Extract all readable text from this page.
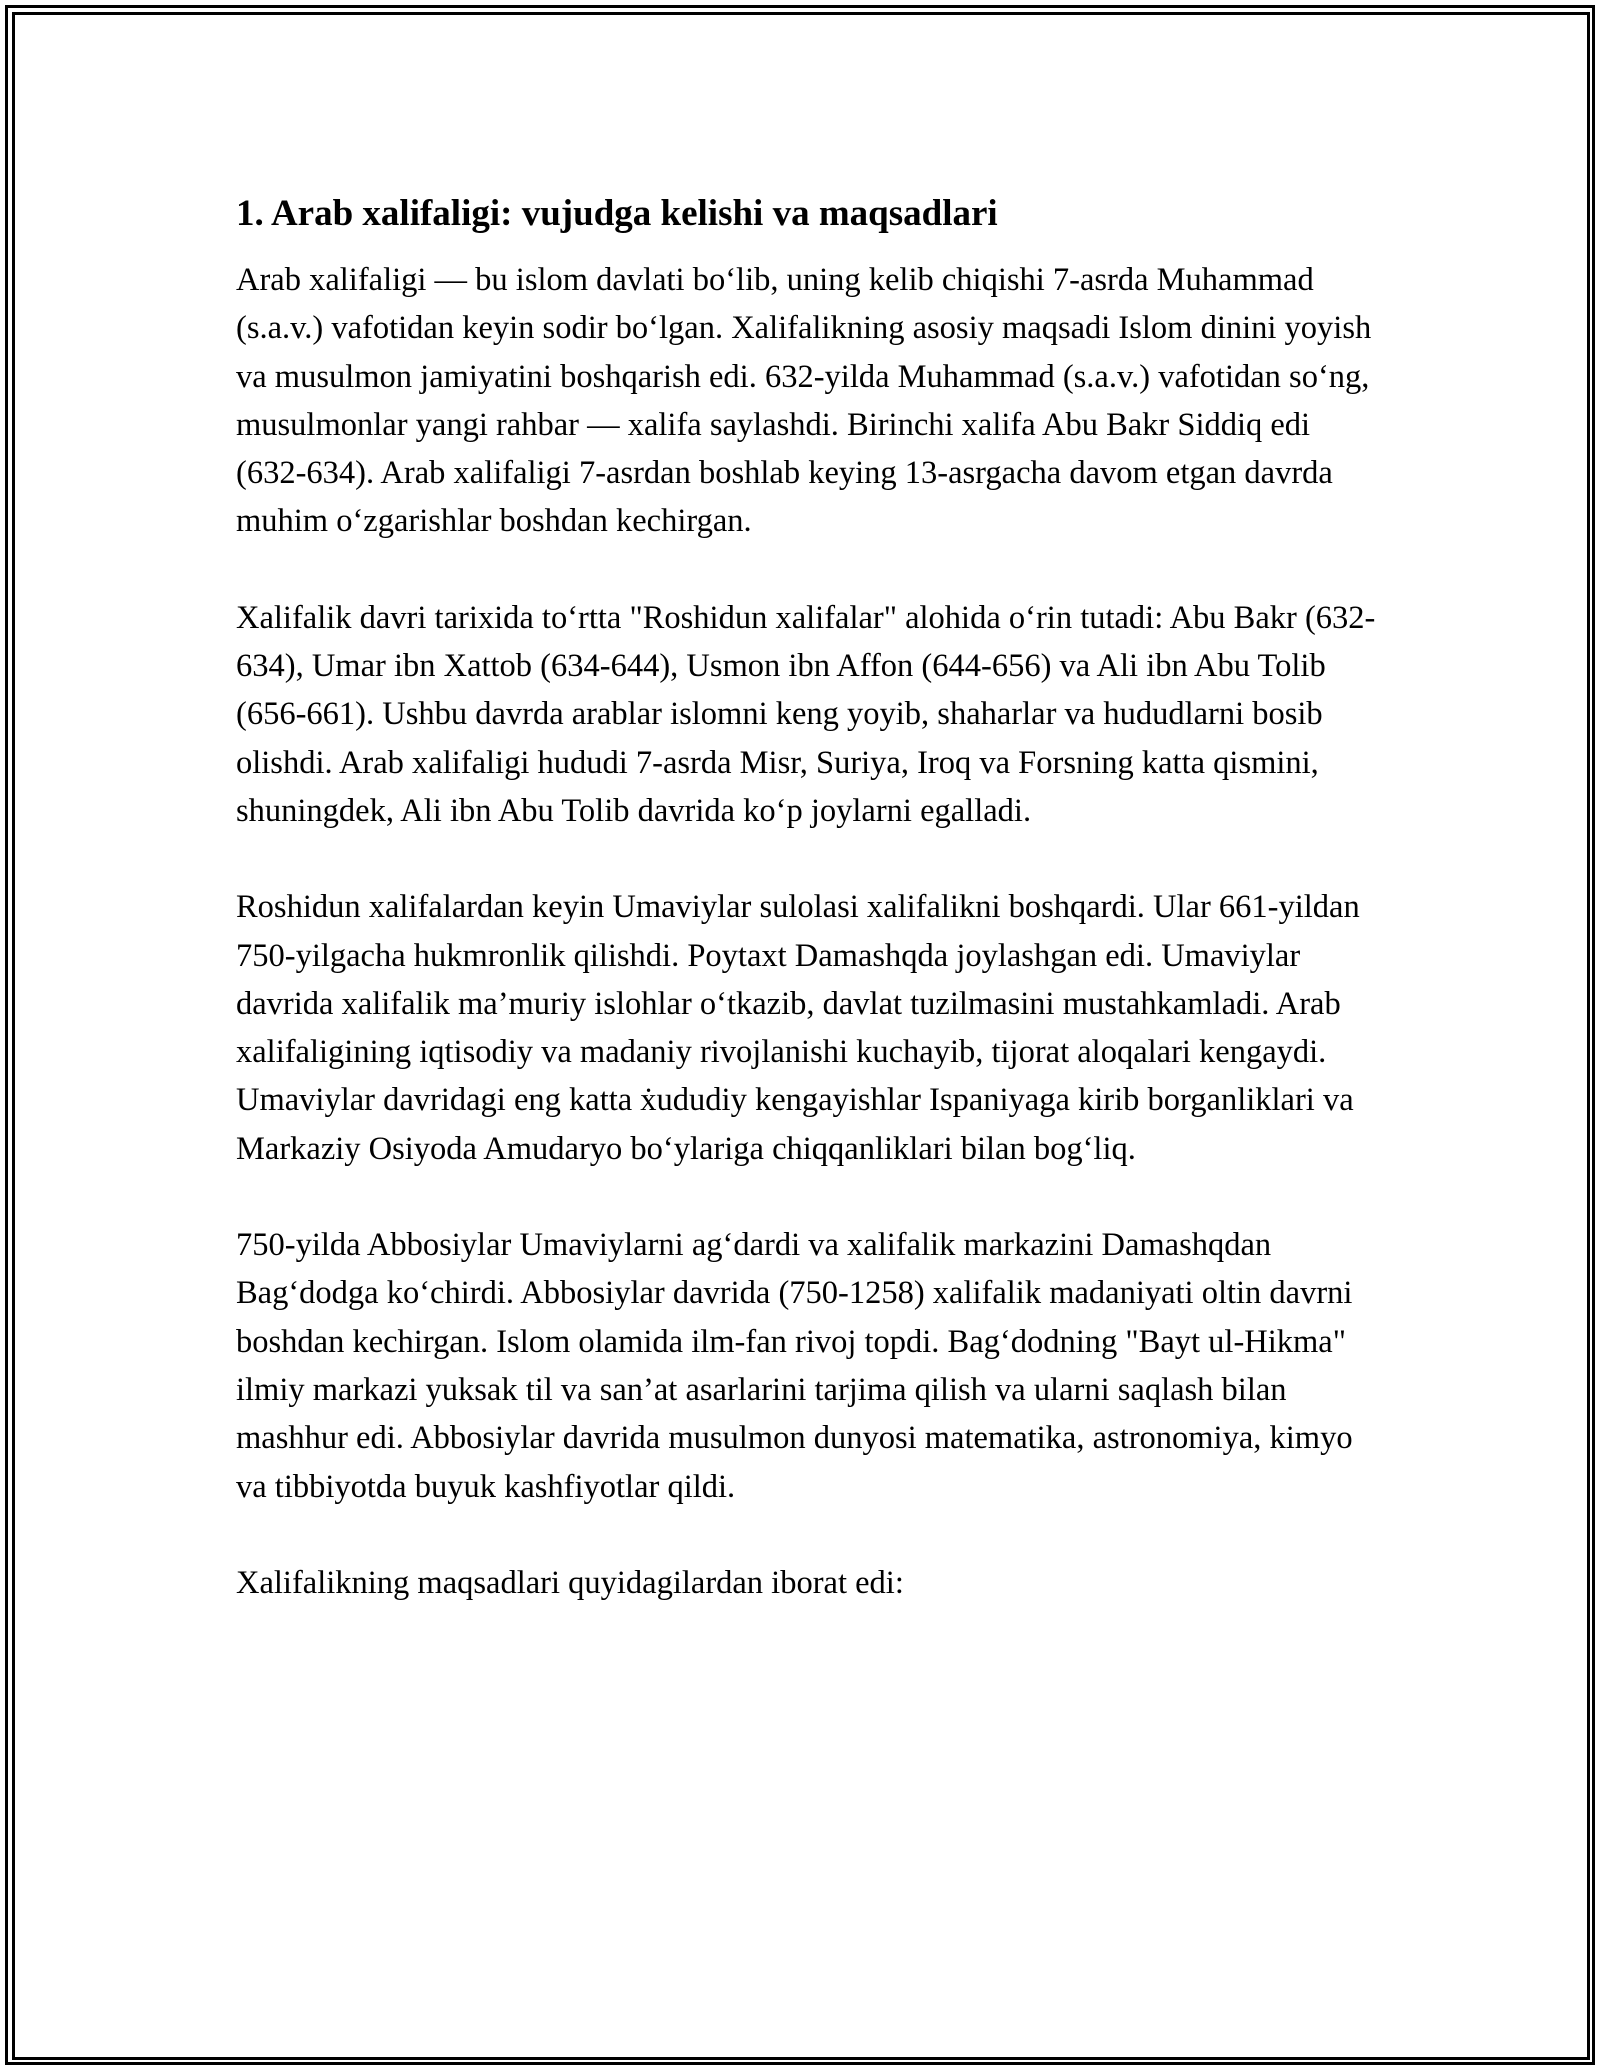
1. Arab xalifaligi: vujudga kelishi va maqsadlari

Arab xalifaligi — bu islom davlati bo‘lib, uning kelib chiqishi 7-asrda Muhammad (s.a.v.) vafotidan keyin sodir bo‘lgan. Xalifalikning asosiy maqsadi Islom dinini yoyish va musulmon jamiyatini boshqarish edi. 632-yilda Muhammad (s.a.v.) vafotidan so‘ng, musulmonlar yangi rahbar — xalifa saylashdi. Birinchi xalifa Abu Bakr Siddiq edi (632-634). Arab xalifaligi 7-asrdan boshlab keying 13-asrgacha davom etgan davrda muhim o‘zgarishlar boshdan kechirgan.

Xalifalik davri tarixida to‘rtta "Roshidun xalifalar" alohida o‘rin tutadi: Abu Bakr (632-634), Umar ibn Xattob (634-644), Usmon ibn Affon (644-656) va Ali ibn Abu Tolib (656-661). Ushbu davrda arablar islomni keng yoyib, shaharlar va hududlarni bosib olishdi. Arab xalifaligi hududi 7-asrda Misr, Suriya, Iroq va Forsning katta qismini, shuningdek, Ali ibn Abu Tolib davrida ko‘p joylarni egalladi.

Roshidun xalifalardan keyin Umaviylar sulolasi xalifalikni boshqardi. Ular 661-yildan 750-yilgacha hukmronlik qilishdi. Poytaxt Damashqda joylashgan edi. Umaviylar davrida xalifalik ma’muriy islohlar o‘tkazib, davlat tuzilmasini mustahkamladi. Arab xalifaligining iqtisodiy va madaniy rivojlanishi kuchayib, tijorat aloqalari kengaydi. Umaviylar davridagi eng katta ẋududiy kengayishlar Ispaniyaga kirib borganliklari va Markaziy Osiyoda Amudaryo bo‘ylariga chiqqanliklari bilan bog‘liq.

750-yilda Abbosiylar Umaviylarni ag‘dardi va xalifalik markazini Damashqdan Bag‘dodga ko‘chirdi. Abbosiylar davrida (750-1258) xalifalik madaniyati oltin davrni boshdan kechirgan. Islom olamida ilm-fan rivoj topdi. Bag‘dodning "Bayt ul-Hikma" ilmiy markazi yuksak til va san’at asarlarini tarjima qilish va ularni saqlash bilan mashhur edi. Abbosiylar davrida musulmon dunyosi matematika, astronomiya, kimyo va tibbiyotda buyuk kashfiyotlar qildi.

Xalifalikning maqsadlari quyidagilardan iborat edi:
